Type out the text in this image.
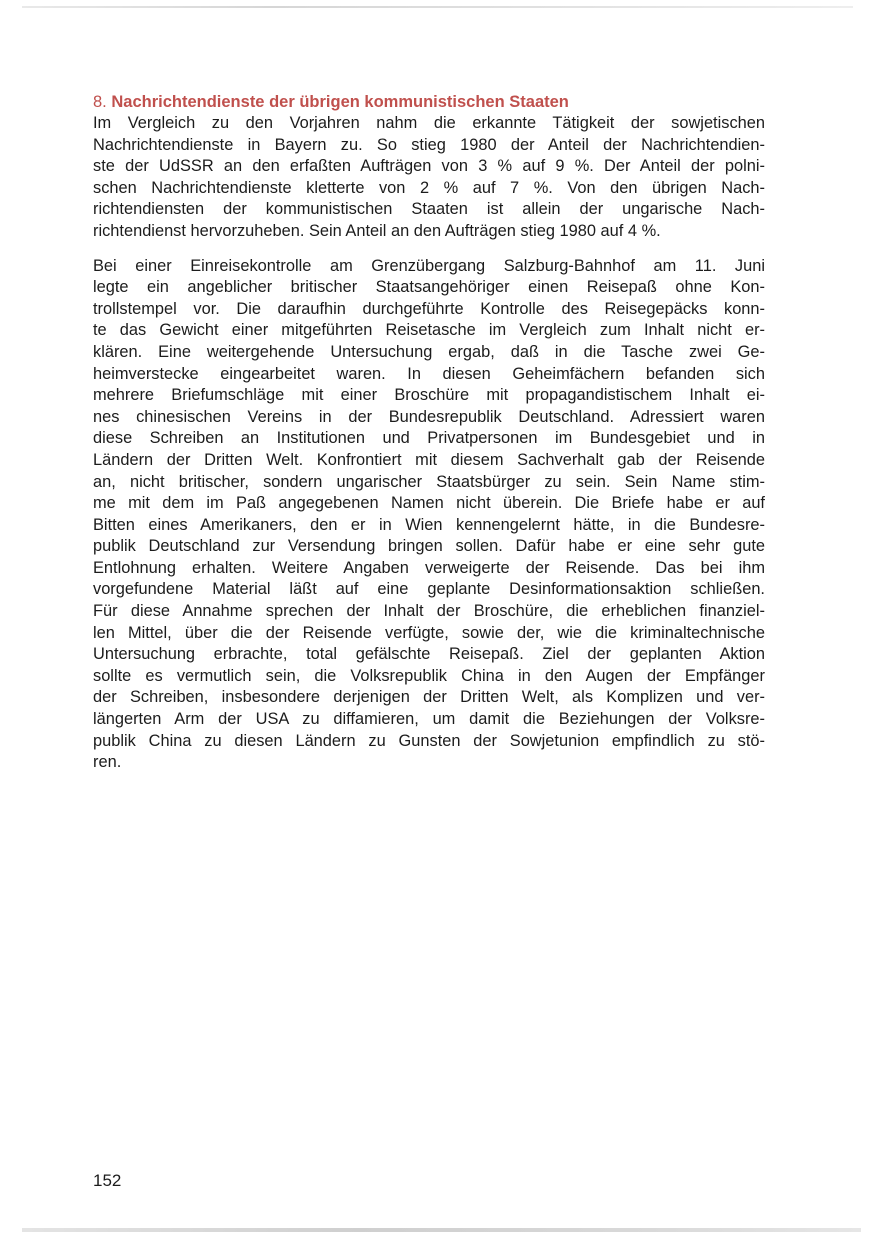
8. Nachrichtendienste der übrigen kommunistischen Staaten

Im Vergleich zu den Vorjahren nahm die erkannte Tätigkeit der sowjetischen
Nachrichtendienste in Bayern zu. So stieg 1980 der Anteil der Nachrichtendien-
ste der UdSSR an den erfaßten Aufträgen von 3 % auf 9 %. Der Anteil der polni-
schen Nachrichtendienste kletterte von 2 % auf 7 %. Von den übrigen Nach-
richtendiensten der kommunistischen Staaten ist allein der ungarische Nach-
richtendienst hervorzuheben. Sein Anteil an den Aufträgen stieg 1980 auf 4 %.

Bei einer Einreisekontrolle am Grenzübergang Salzburg-Bahnhof am 11. Juni
legte ein angeblicher britischer Staatsangehöriger einen Reisepaß ohne Kon-
trollstempel vor. Die daraufhin durchgeführte Kontrolle des Reisegepäcks konn-
te das Gewicht einer mitgeführten Reisetasche im Vergleich zum Inhalt nicht er-
klären. Eine weitergehende Untersuchung ergab, daß in die Tasche zwei Ge-
heimverstecke eingearbeitet waren. In diesen Geheimfächern befanden sich
mehrere Briefumschläge mit einer Broschüre mit propagandistischem Inhalt ei-
nes chinesischen Vereins in der Bundesrepublik Deutschland. Adressiert waren
diese Schreiben an Institutionen und Privatpersonen im Bundesgebiet und in
Ländern der Dritten Welt. Konfrontiert mit diesem Sachverhalt gab der Reisende
an, nicht britischer, sondern ungarischer Staatsbürger zu sein. Sein Name stim-
me mit dem im Paß angegebenen Namen nicht überein. Die Briefe habe er auf
Bitten eines Amerikaners, den er in Wien kennengelernt hätte, in die Bundesre-
publik Deutschland zur Versendung bringen sollen. Dafür habe er eine sehr gute
Entlohnung erhalten. Weitere Angaben verweigerte der Reisende. Das bei ihm
vorgefundene Material läßt auf eine geplante Desinformationsaktion schließen.
Für diese Annahme sprechen der Inhalt der Broschüre, die erheblichen finanziel-
len Mittel, über die der Reisende verfügte, sowie der, wie die kriminaltechnische
Untersuchung erbrachte, total gefälschte Reisepaß. Ziel der geplanten Aktion
sollte es vermutlich sein, die Volksrepublik China in den Augen der Empfänger
der Schreiben, insbesondere derjenigen der Dritten Welt, als Komplizen und ver-
längerten Arm der USA zu diffamieren, um damit die Beziehungen der Volksre-
publik China zu diesen Ländern zu Gunsten der Sowjetunion empfindlich zu stö-
ren.

152
